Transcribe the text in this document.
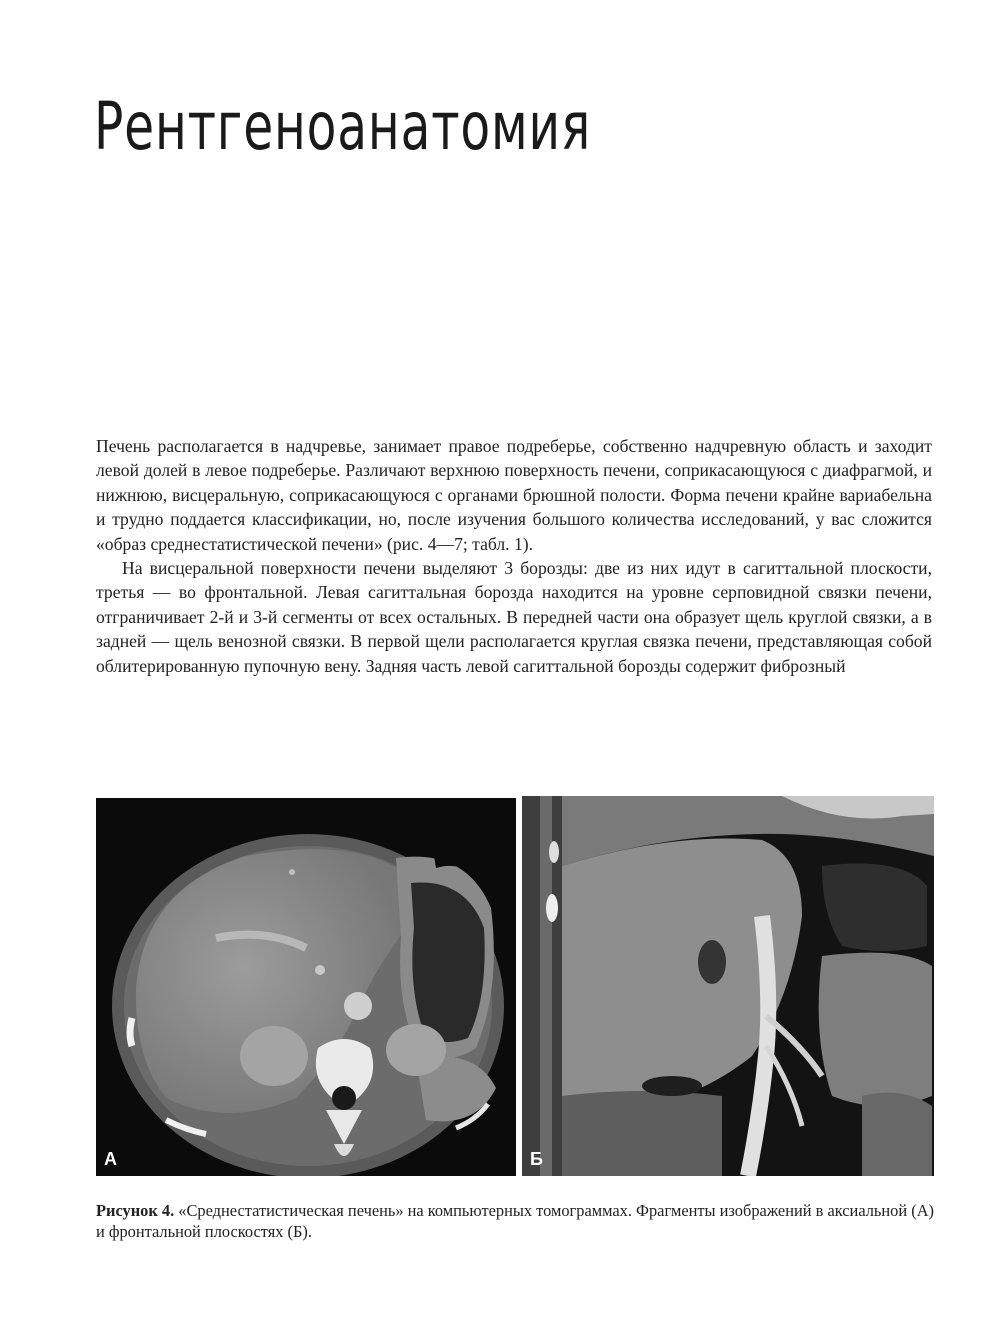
Рентгеноанатомия

Печень располагается в надчревье, занимает правое подреберье, собственно надчревную область и заходит левой долей в левое подреберье. Различают верхнюю поверхность печени, соприкасающуюся с диафрагмой, и нижнюю, висцеральную, соприкасающуюся с органами брюшной полости. Форма печени крайне вариабельна и трудно поддается классификации, но, после изучения большого количества исследований, у вас сложится «образ среднестатистической печени» (рис. 4—7; табл. 1).

На висцеральной поверхности печени выделяют 3 борозды: две из них идут в сагиттальной плоскости, третья — во фронтальной. Левая сагиттальная борозда находится на уровне серповидной связки печени, отграничивает 2-й и 3-й сегменты от всех остальных. В передней части она образует щель круглой связки, а в задней — щель венозной связки. В первой щели располагается круглая связка печени, представляющая собой облитерированную пупочную вену. Задняя часть левой сагиттальной борозды содержит фиброзный

А	Б
Рисунок 4. «Среднестатистическая печень» на компьютерных томограммах. Фрагменты изображений в аксиальной (А) и фронтальной плоскостях (Б).
